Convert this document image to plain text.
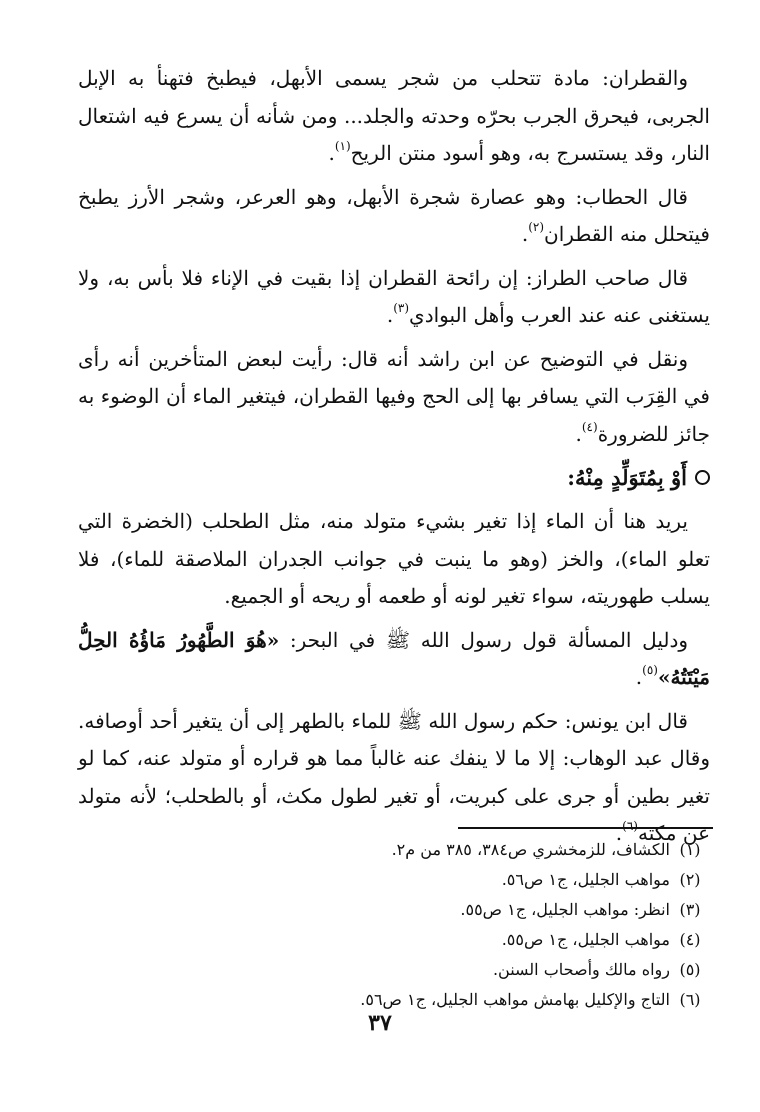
والقطران: مادة تتحلب من شجر يسمى الأبهل، فيطبخ فتهنأ به الإبل الجربى، فيحرق الجرب بحرّه وحدته والجلد... ومن شأنه أن يسرع فيه اشتعال النار، وقد يستسرج به، وهو أسود منتن الريح$^{(١)}$.

قال الحطاب: وهو عصارة شجرة الأبهل، وهو العرعر، وشجر الأرز يطبخ فيتحلل منه القطران$^{(٢)}$.

قال صاحب الطراز: إن رائحة القطران إذا بقيت في الإناء فلا بأس به، ولا يستغنى عنه عند العرب وأهل البوادي$^{(٣)}$.

ونقل في التوضيح عن ابن راشد أنه قال: رأيت لبعض المتأخرين أنه رأى في القِرَب التي يسافر بها إلى الحج وفيها القطران، فيتغير الماء أن الوضوء به جائز للضرورة$^{(٤)}$.

أَوْ بِمُتَوَلِّدٍ مِنْهُ:

يريد هنا أن الماء إذا تغير بشيء متولد منه، مثل الطحلب (الخضرة التي تعلو الماء)، والخز (وهو ما ينبت في جوانب الجدران الملاصقة للماء)، فلا يسلب طهوريته، سواء تغير لونه أو طعمه أو ريحه أو الجميع.

ودليل المسألة قول رسول الله ﷺ في البحر: «هُوَ الطَّهُورُ مَاؤُهُ الحِلُّ مَيْتَتُهُ»$^{(٥)}$.

قال ابن يونس: حكم رسول الله ﷺ للماء بالطهر إلى أن يتغير أحد أوصافه. وقال عبد الوهاب: إلا ما لا ينفك عنه غالباً مما هو قراره أو متولد عنه، كما لو تغير بطين أو جرى على كبريت، أو تغير لطول مكث، أو بالطحلب؛ لأنه متولد عن مكثه$^{(٦)}$.

(١)
الكشاف، للزمخشري ص٣٨٤، ٣٨٥ من م٢.
(٢)
مواهب الجليل، ج١ ص٥٦.
(٣)
انظر: مواهب الجليل، ج١ ص٥٥.
(٤)
مواهب الجليل، ج١ ص٥٥.
(٥)
رواه مالك وأصحاب السنن.
(٦)
التاج والإكليل بهامش مواهب الجليل، ج١ ص٥٦.
٣٧
